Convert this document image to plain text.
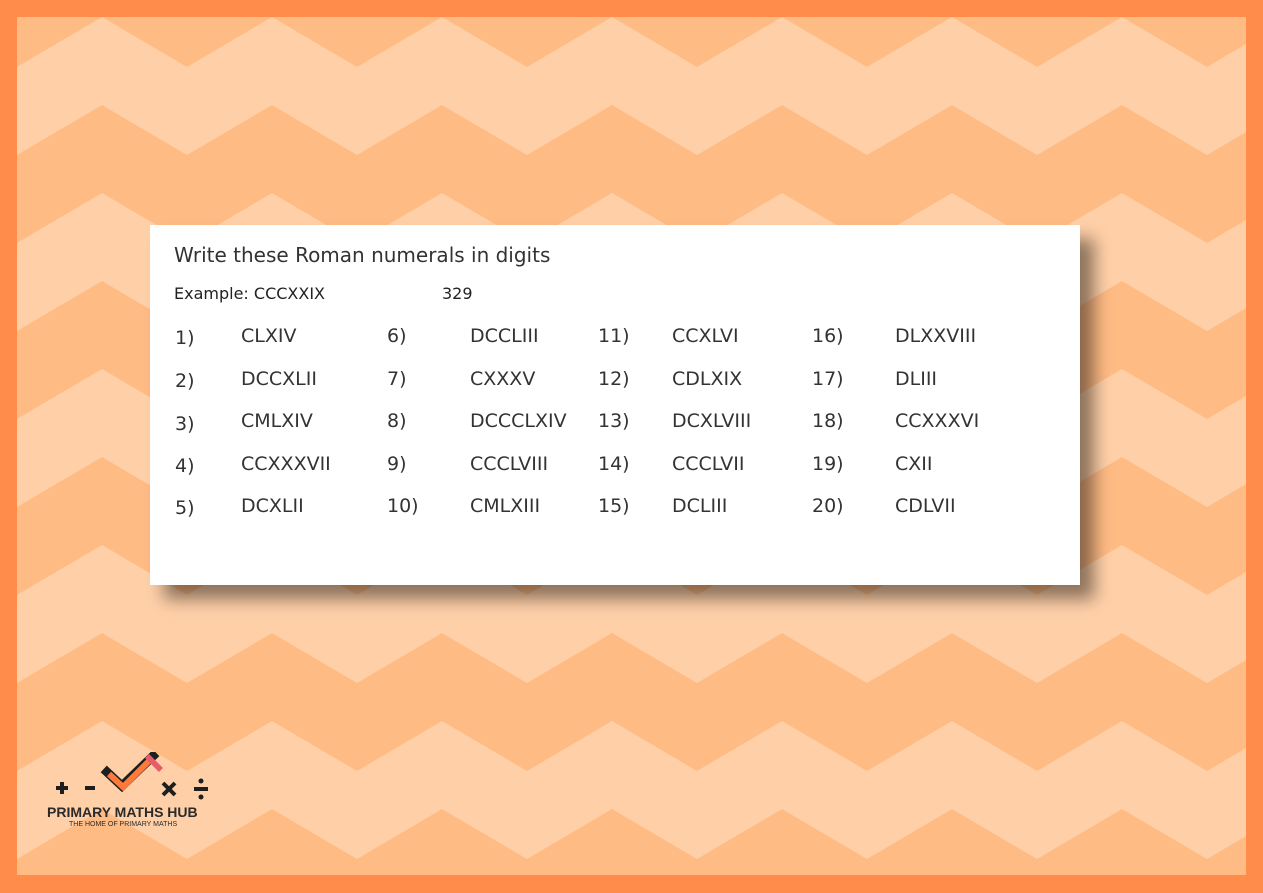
Write these Roman numerals in digits
Example: CCCXXIX	329
1) CLXIV
2) DCCXLII
3) CMLXIV
4) CCXXXVII
5) DCXLII
6)	DCCLIII
7)	CXXXV
8)	DCCCLXIV
9)	CCCLVIII
10)	CMLXIII
11) CCXLVI
12) CDLXIX
13) DCXLVIII
14) CCCLVII
15) DCLIII
16)	DLXXVIII
17)	DLIII
18)	CCXXXVI
19)	CXII
20)	CDLVII
PRIMARY MATHS HUB
THE HOME OF PRIMARY MATHS
